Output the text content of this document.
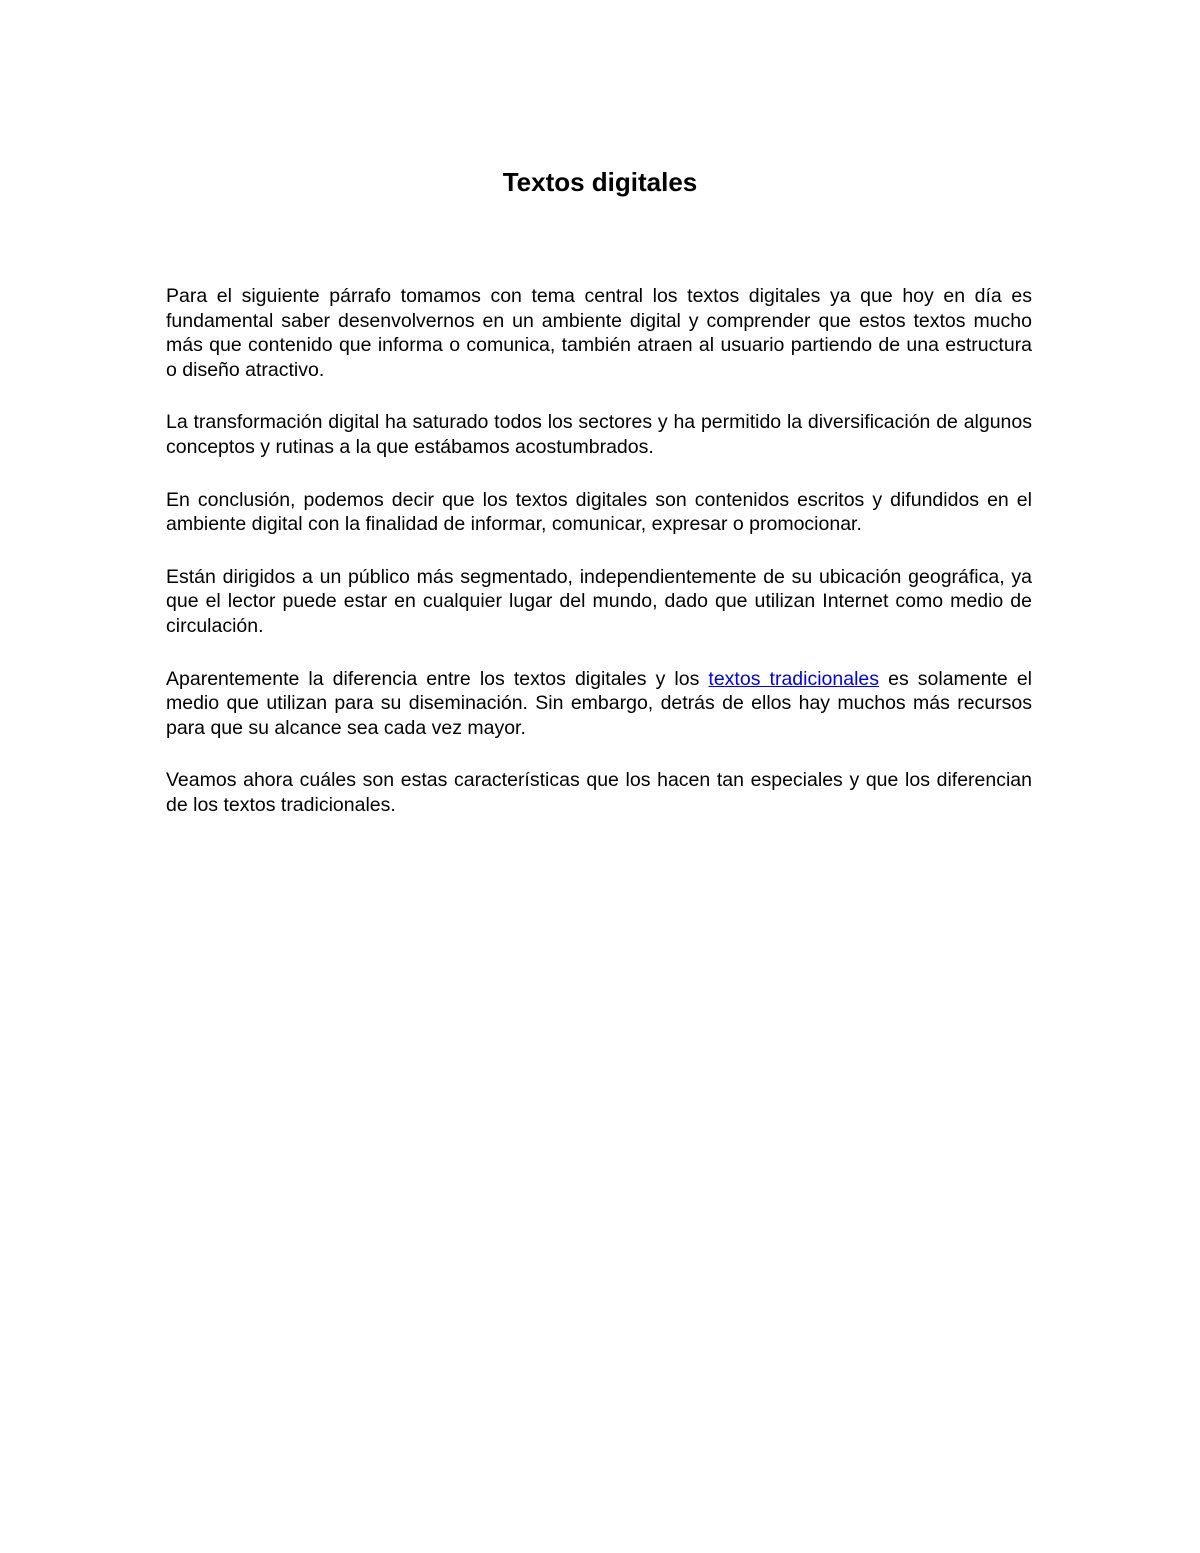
Textos digitales

Para el siguiente párrafo tomamos con tema central los textos digitales ya que hoy en día es fundamental saber desenvolvernos en un ambiente digital y comprender que estos textos mucho más que contenido que informa o comunica, también atraen al usuario partiendo de una estructura o diseño atractivo.

La transformación digital ha saturado todos los sectores y ha permitido la diversificación de algunos conceptos y rutinas a la que estábamos acostumbrados.

En conclusión, podemos decir que los textos digitales son contenidos escritos y difundidos en el ambiente digital con la finalidad de informar, comunicar, expresar o promocionar.

Están dirigidos a un público más segmentado, independientemente de su ubicación geográfica, ya que el lector puede estar en cualquier lugar del mundo, dado que utilizan Internet como medio de circulación.

Aparentemente la diferencia entre los textos digitales y los textos tradicionales es solamente el medio que utilizan para su diseminación. Sin embargo, detrás de ellos hay muchos más recursos para que su alcance sea cada vez mayor.

Veamos ahora cuáles son estas características que los hacen tan especiales y que los diferencian de los textos tradicionales.
